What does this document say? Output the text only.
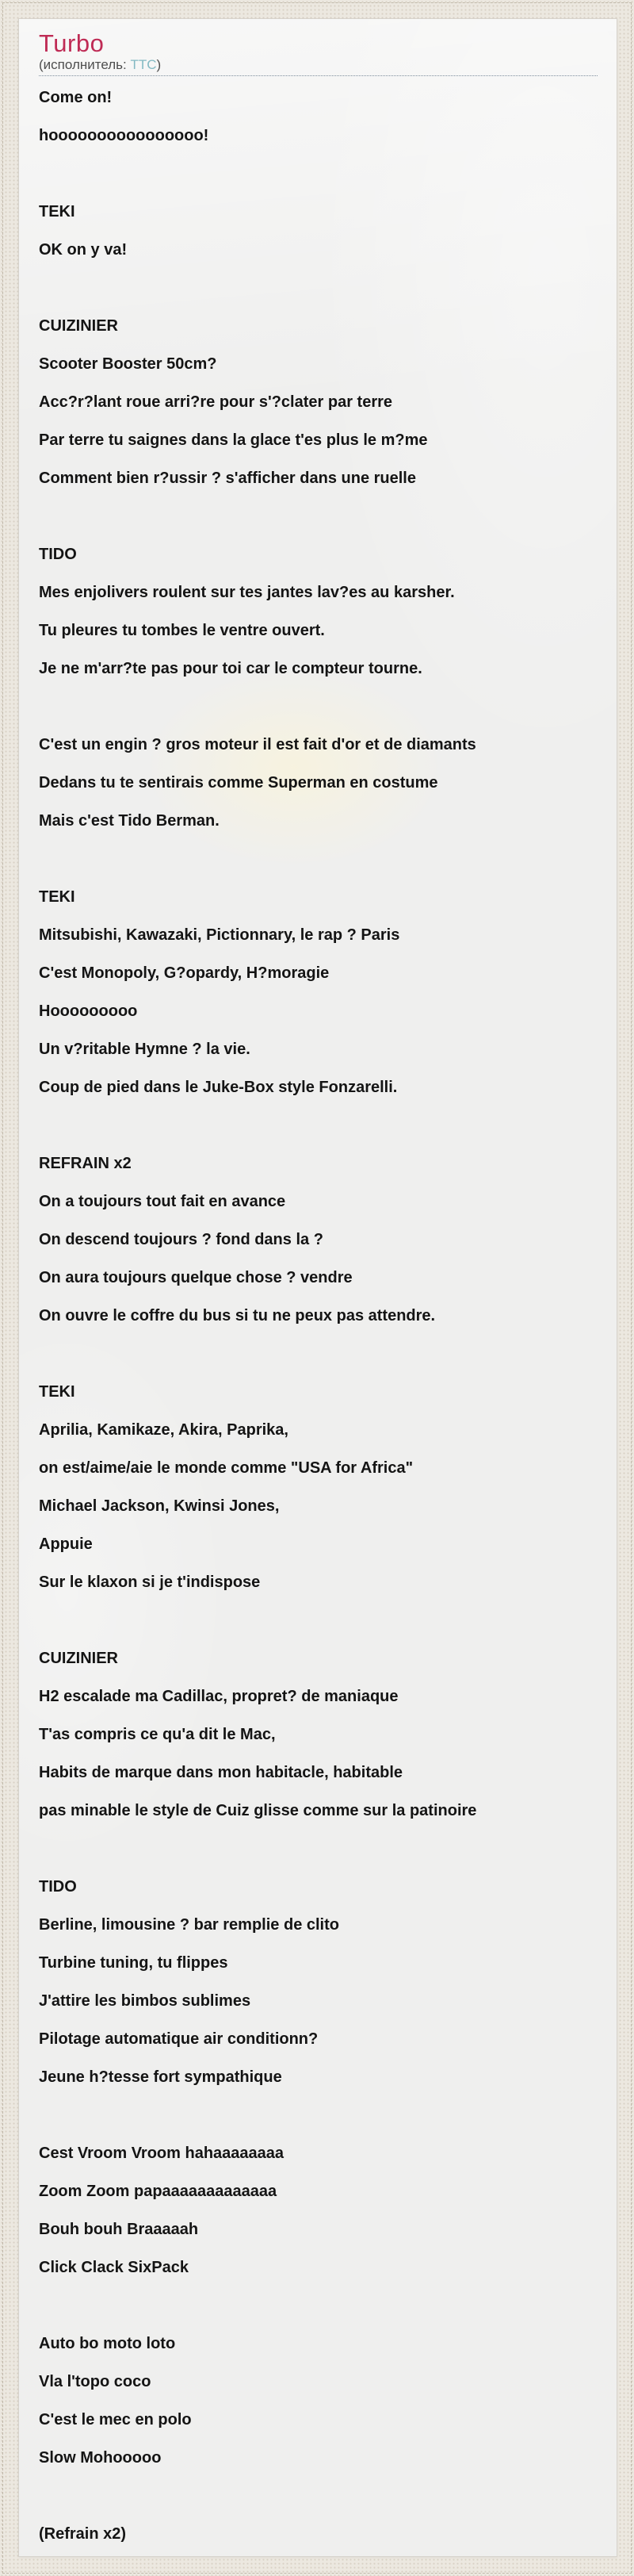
Turbo
(исполнитель: TTC)
Come on!
hoooooooooooooooo!
TEKI
OK on y va!
CUIZINIER
Scooter Booster 50cm?
Acc?r?lant roue arri?re pour s'?clater par terre
Par terre tu saignes dans la glace t'es plus le m?me
Comment bien r?ussir ? s'afficher dans une ruelle
TIDO
Mes enjolivers roulent sur tes jantes lav?es au karsher.
Tu pleures tu tombes le ventre ouvert.
Je ne m'arr?te pas pour toi car le compteur tourne.
C'est un engin ? gros moteur il est fait d'or et de diamants
Dedans tu te sentirais comme Superman en costume
Mais c'est Tido Berman.
TEKI
Mitsubishi, Kawazaki, Pictionnary, le rap ? Paris
C'est Monopoly, G?opardy, H?moragie
Hooooooooo
Un v?ritable Hymne ? la vie.
Coup de pied dans le Juke-Box style Fonzarelli.
REFRAIN x2
On a toujours tout fait en avance
On descend toujours ? fond dans la ?
On aura toujours quelque chose ? vendre
On ouvre le coffre du bus si tu ne peux pas attendre.
TEKI
Aprilia, Kamikaze, Akira, Paprika,
on est/aime/aie le monde comme "USA for Africa"
Michael Jackson, Kwinsi Jones,
Appuie
Sur le klaxon si je t'indispose
CUIZINIER
H2 escalade ma Cadillac, propret? de maniaque
T'as compris ce qu'a dit le Mac,
Habits de marque dans mon habitacle, habitable
pas minable le style de Cuiz glisse comme sur la patinoire
TIDO
Berline, limousine ? bar remplie de clito
Turbine tuning, tu flippes
J'attire les bimbos sublimes
Pilotage automatique air conditionn?
Jeune h?tesse fort sympathique
Cest Vroom Vroom hahaaaaaaaa
Zoom Zoom papaaaaaaaaaaaaa
Bouh bouh Braaaaah
Click Clack SixPack
Auto bo moto loto
Vla l'topo coco
C'est le mec en polo
Slow Mohooooo
(Refrain x2)
